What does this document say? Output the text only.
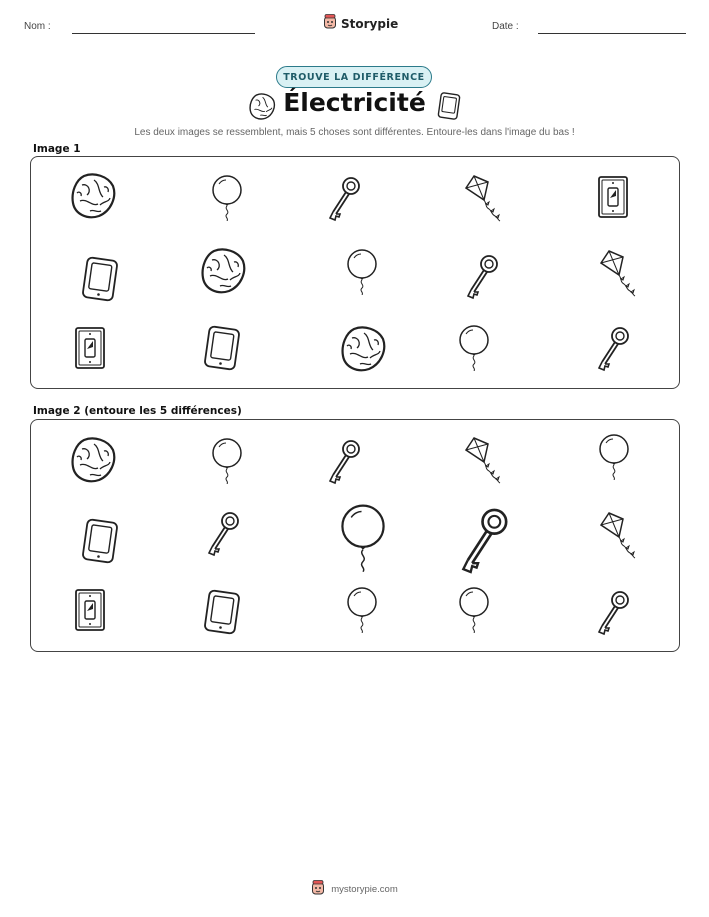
Nom :	Storypie	Date :
TROUVE LA DIFFÉRENCE
Électricité
Les deux images se ressemblent, mais 5 choses sont différentes. Entoure-les dans l'image du bas !
Image 1
Image 2 (entoure les 5 différences)
mystorypie.com
